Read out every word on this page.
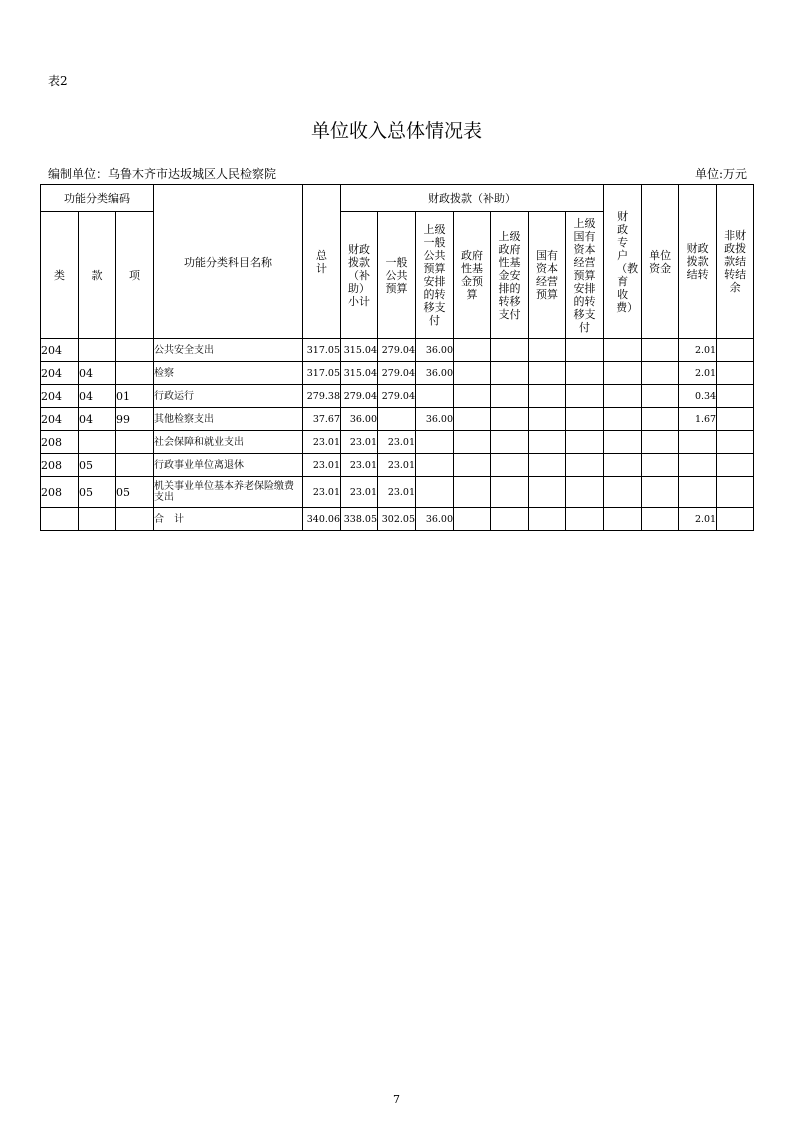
表2
单位收入总体情况表
编制单位：乌鲁木齐市达坂城区人民检察院	单位:万元
功能分类编码			功能分类科目名称	总计	财政拨款（补助）							财政专户（教育收费）	单位资金	财政拨款结转	非财政拨款结转结余
类	款	项			财政拨款（补助）小计	一般公共预算	上级一般公共预算安排的转移支付	政府性基金预算	上级政府性基金安排的转移支付	国有资本经营预算	上级国有资本经营预算安排的转移支付				
204			公共安全支出	317.05	315.04	279.04	36.00							2.01	
204	04		检察	317.05	315.04	279.04	36.00							2.01	
204	04	01	行政运行	279.38	279.04	279.04								0.34	
204	04	99	其他检察支出	37.67	36.00		36.00							1.67	
208			社会保障和就业支出	23.01	23.01	23.01									
208	05		行政事业单位离退休	23.01	23.01	23.01									
208	05	05	机关事业单位基本养老保险缴费支出	23.01	23.01	23.01									
			合　计	340.06	338.05	302.05	36.00							2.01	
7
